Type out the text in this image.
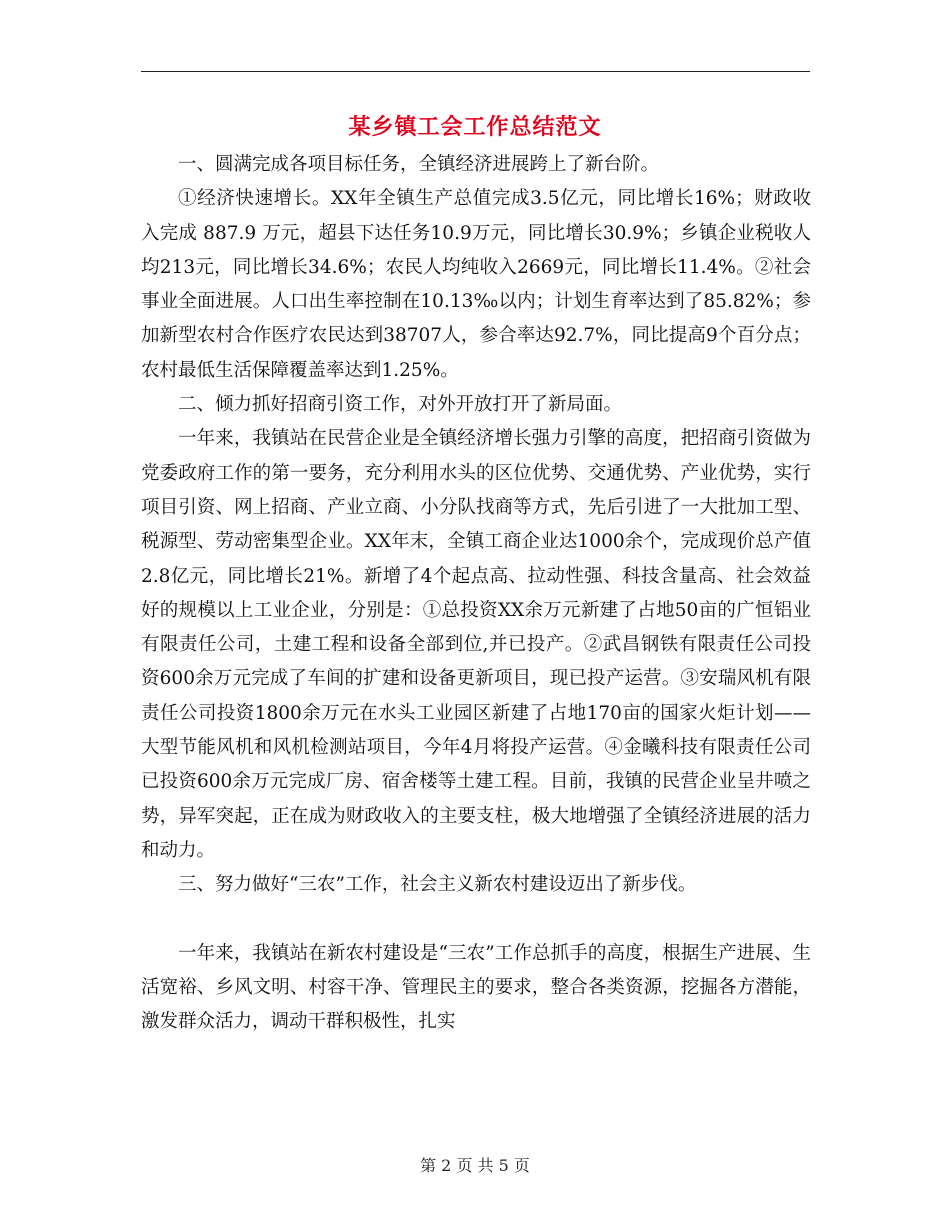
某乡镇工会工作总结范文

一、圆满完成各项目标任务，全镇经济进展跨上了新台阶。

①经济快速增长。XX年全镇生产总值完成3.5亿元，同比增长16%；财政收入完成 887.9 万元，超县下达任务10.9万元，同比增长30.9%；乡镇企业税收人均213元，同比增长34.6%；农民人均纯收入2669元，同比增长11.4%。②社会事业全面进展。人口出生率控制在10.13‰以内；计划生育率达到了85.82%；参加新型农村合作医疗农民达到38707人，参合率达92.7%，同比提高9个百分点；农村最低生活保障覆盖率达到1.25%。

二、倾力抓好招商引资工作，对外开放打开了新局面。

一年来，我镇站在民营企业是全镇经济增长强力引擎的高度，把招商引资做为党委政府工作的第一要务，充分利用水头的区位优势、交通优势、产业优势，实行项目引资、网上招商、产业立商、小分队找商等方式，先后引进了一大批加工型、税源型、劳动密集型企业。XX年末，全镇工商企业达1000余个，完成现价总产值2.8亿元，同比增长21%。新增了4个起点高、拉动性强、科技含量高、社会效益好的规模以上工业企业，分别是：①总投资XX余万元新建了占地50亩的广恒铝业有限责任公司，土建工程和设备全部到位,并已投产。②武昌钢铁有限责任公司投资600余万元完成了车间的扩建和设备更新项目，现已投产运营。③安瑞风机有限责任公司投资1800余万元在水头工业园区新建了占地170亩的国家火炬计划——大型节能风机和风机检测站项目，今年4月将投产运营。④金曦科技有限责任公司已投资600余万元完成厂房、宿舍楼等土建工程。目前，我镇的民营企业呈井喷之势，异军突起，正在成为财政收入的主要支柱，极大地增强了全镇经济进展的活力和动力。

三、努力做好“三农”工作，社会主义新农村建设迈出了新步伐。

一年来，我镇站在新农村建设是“三农”工作总抓手的高度，根据生产进展、生活宽裕、乡风文明、村容干净、管理民主的要求，整合各类资源，挖掘各方潜能，激发群众活力，调动干群积极性，扎实

第 2 页 共 5 页
